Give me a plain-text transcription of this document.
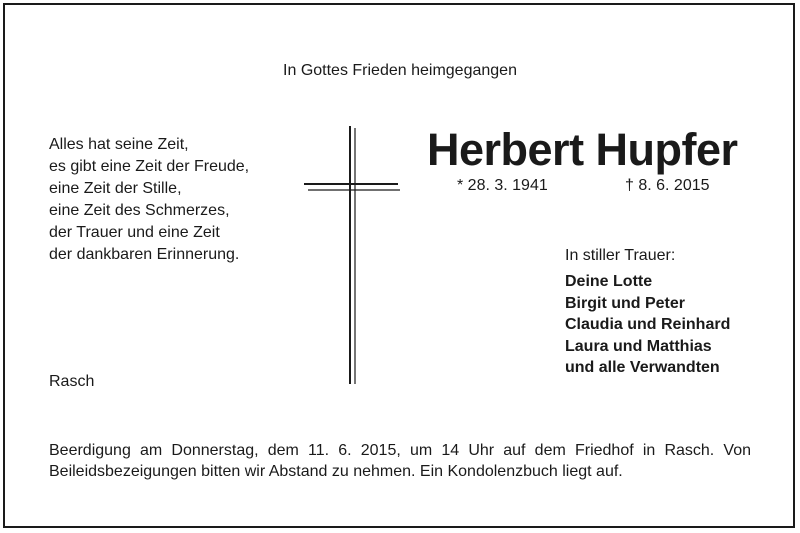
In Gottes Frieden heimgegangen
Alles hat seine Zeit,
es gibt eine Zeit der Freude,
eine Zeit der Stille,
eine Zeit des Schmerzes,
der Trauer und eine Zeit
der dankbaren Erinnerung.
Herbert Hupfer
* 28. 3. 1941	† 8. 6. 2015
In stiller Trauer:
Deine Lotte
Birgit und Peter
Claudia und Reinhard
Laura und Matthias
und alle Verwandten
Rasch
Beerdigung am Donnerstag, dem 11. 6. 2015, um 14 Uhr auf dem Friedhof in Rasch. Von Beileidsbezeigungen bitten wir Abstand zu nehmen. Ein Kondolenzbuch liegt auf.
